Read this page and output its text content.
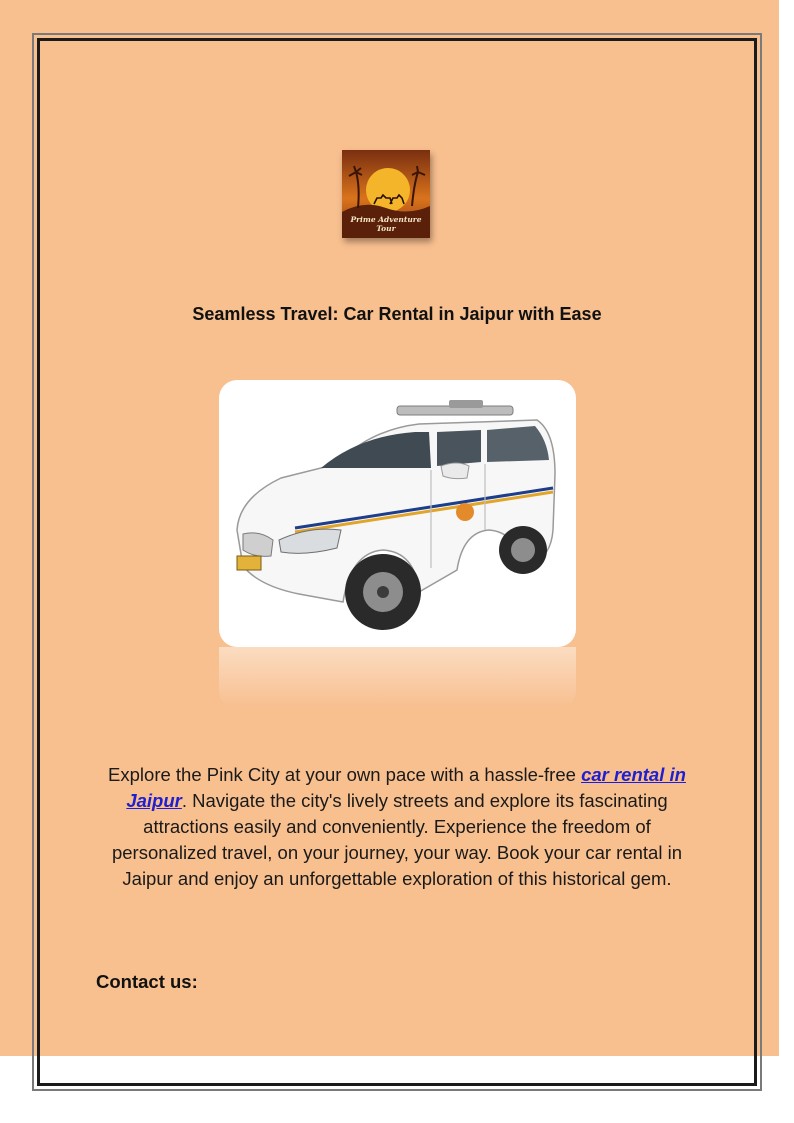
Prime Adventure
Tour
Seamless Travel: Car Rental in Jaipur with Ease
Explore the Pink City at your own pace with a hassle-free car rental in Jaipur. Navigate the city's lively streets and explore its fascinating attractions easily and conveniently. Experience the freedom of personalized travel, on your journey, your way. Book your car rental in Jaipur and enjoy an unforgettable exploration of this historical gem.
Contact us:
